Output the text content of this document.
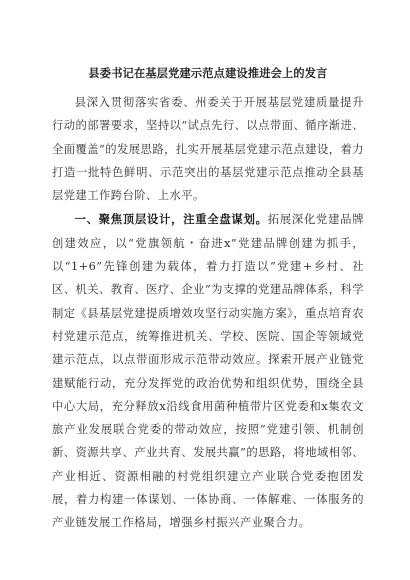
县委书记在基层党建示范点建设推进会上的发言

县深入贯彻落实省委、州委关于开展基层党建质量提升行动的部署要求，坚持以“试点先行、以点带面、循序渐进、全面覆盖”的发展思路，扎实开展基层党建示范点建设，着力打造一批特色鲜明、示范突出的基层党建示范点推动全县基层党建工作跨台阶、上水平。

一、聚焦顶层设计，注重全盘谋划。拓展深化党建品牌创建效应，以“党旗领航・奋进x”党建品牌创建为抓手，以“1+6”先锋创建为载体，着力打造以“党建+乡村、社区、机关、教育、医疗、企业”为支撑的党建品牌体系，科学制定《县基层党建提质增效攻坚行动实施方案》，重点培育农村党建示范点，统筹推进机关、学校、医院、国企等领域党建示范点，以点带面形成示范带动效应。探索开展产业链党建赋能行动，充分发挥党的政治优势和组织优势，围绕全县中心大局，充分释放x沿线食用菌种植带片区党委和x集农文旅产业发展联合党委的带动效应，按照“党建引领、机制创新、资源共享、产业共育、发展共赢”的思路，将地域相邻、产业相近、资源相融的村党组织建立产业联合党委抱团发展，着力构建一体谋划、一体协商、一体解难、一体服务的产业链发展工作格局，增强乡村振兴产业聚合力。
